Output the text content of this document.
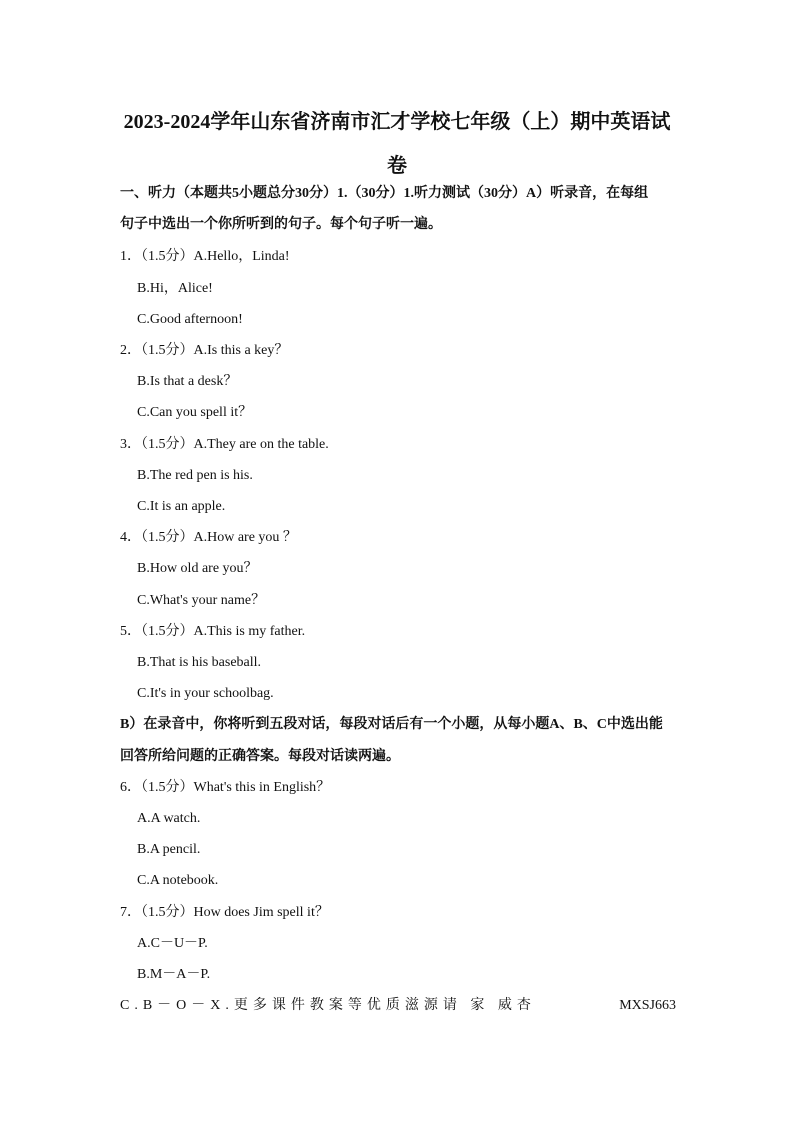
2023-2024学年山东省济南市汇才学校七年级（上）期中英语试
卷
一、听力（本题共5小题总分30分）1.（30分）1.听力测试（30分）A）听录音，在每组
句子中选出一个你所听到的句子。每个句子听一遍。
1．（1.5分）A.Hello，Linda!
B.Hi，Alice!
C.Good afternoon!
2．（1.5分）A.Is this a key？
B.Is that a desk？
C.Can you spell it？
3．（1.5分）A.They are on the table.
B.The red pen is his.
C.It is an apple.
4．（1.5分）A.How are you ？
B.How old are you？
C.What's your name？
5．（1.5分）A.This is my father.
B.That is his baseball.
C.It's in your schoolbag.
B）在录音中，你将听到五段对话，每段对话后有一个小题，从每小题A、B、C中选出能
回答所给问题的正确答案。每段对话读两遍。
6．（1.5分）What's this in English？
A.A watch.
B.A pencil.
C.A notebook.
7．（1.5分）How does Jim spell it？
A.C－U－P.
B.M－A－P.
C.B－O－X.更多课件教案等优质滋源请 家 威杏	MXSJ663
